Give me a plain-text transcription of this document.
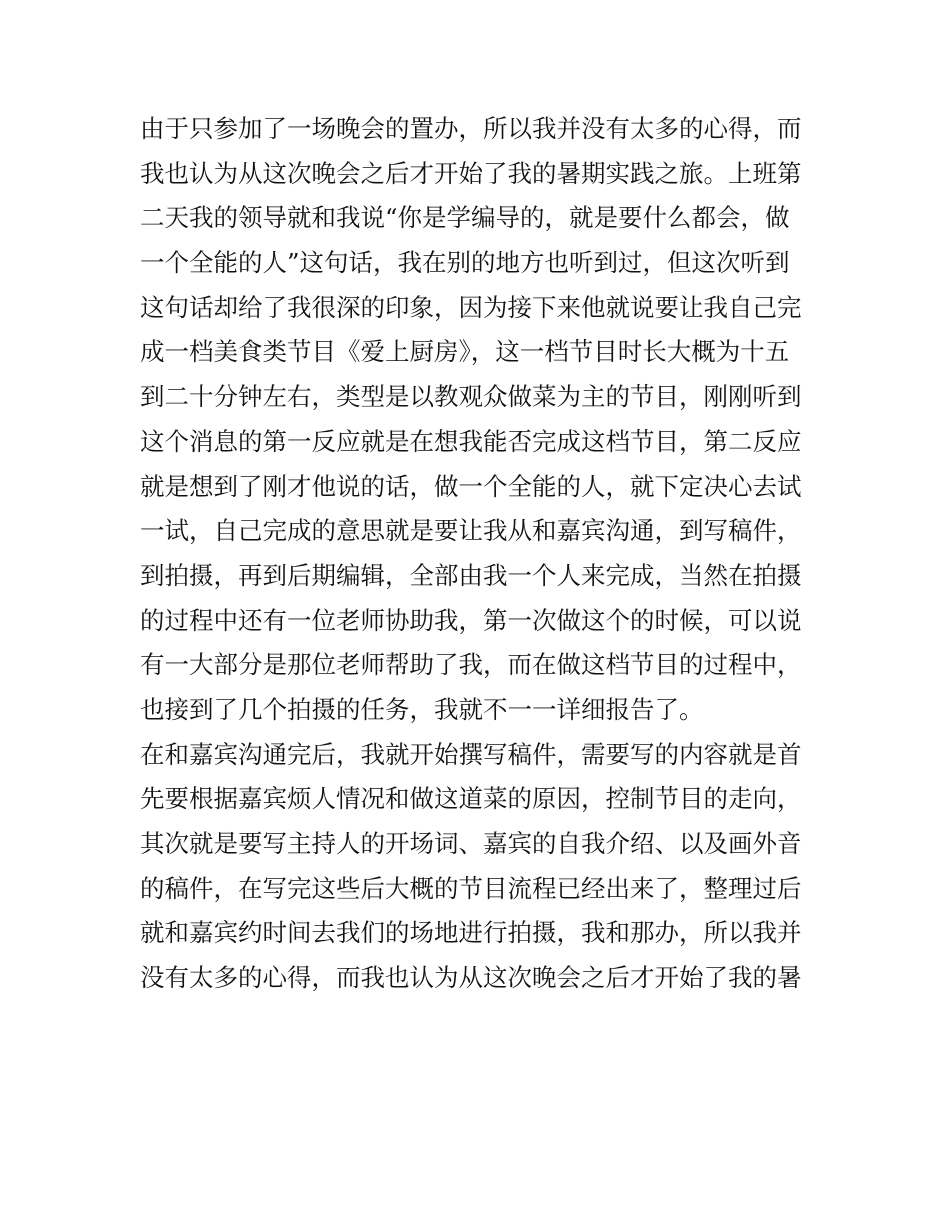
由于只参加了一场晚会的置办，所以我并没有太多的心得，而
我也认为从这次晚会之后才开始了我的暑期实践之旅。上班第
二天我的领导就和我说“你是学编导的，就是要什么都会，做
一个全能的人”这句话，我在别的地方也听到过，但这次听到
这句话却给了我很深的印象，因为接下来他就说要让我自己完
成一档美食类节目《爱上厨房》，这一档节目时长大概为十五
到二十分钟左右，类型是以教观众做菜为主的节目，刚刚听到
这个消息的第一反应就是在想我能否完成这档节目，第二反应
就是想到了刚才他说的话，做一个全能的人，就下定决心去试
一试，自己完成的意思就是要让我从和嘉宾沟通，到写稿件，
到拍摄，再到后期编辑，全部由我一个人来完成，当然在拍摄
的过程中还有一位老师协助我，第一次做这个的时候，可以说
有一大部分是那位老师帮助了我，而在做这档节目的过程中，
也接到了几个拍摄的任务，我就不一一详细报告了。
在和嘉宾沟通完后，我就开始撰写稿件，需要写的内容就是首
先要根据嘉宾烦人情况和做这道菜的原因，控制节目的走向，
其次就是要写主持人的开场词、嘉宾的自我介绍、以及画外音
的稿件，在写完这些后大概的节目流程已经出来了，整理过后
就和嘉宾约时间去我们的场地进行拍摄，我和那办，所以我并
没有太多的心得，而我也认为从这次晚会之后才开始了我的暑
